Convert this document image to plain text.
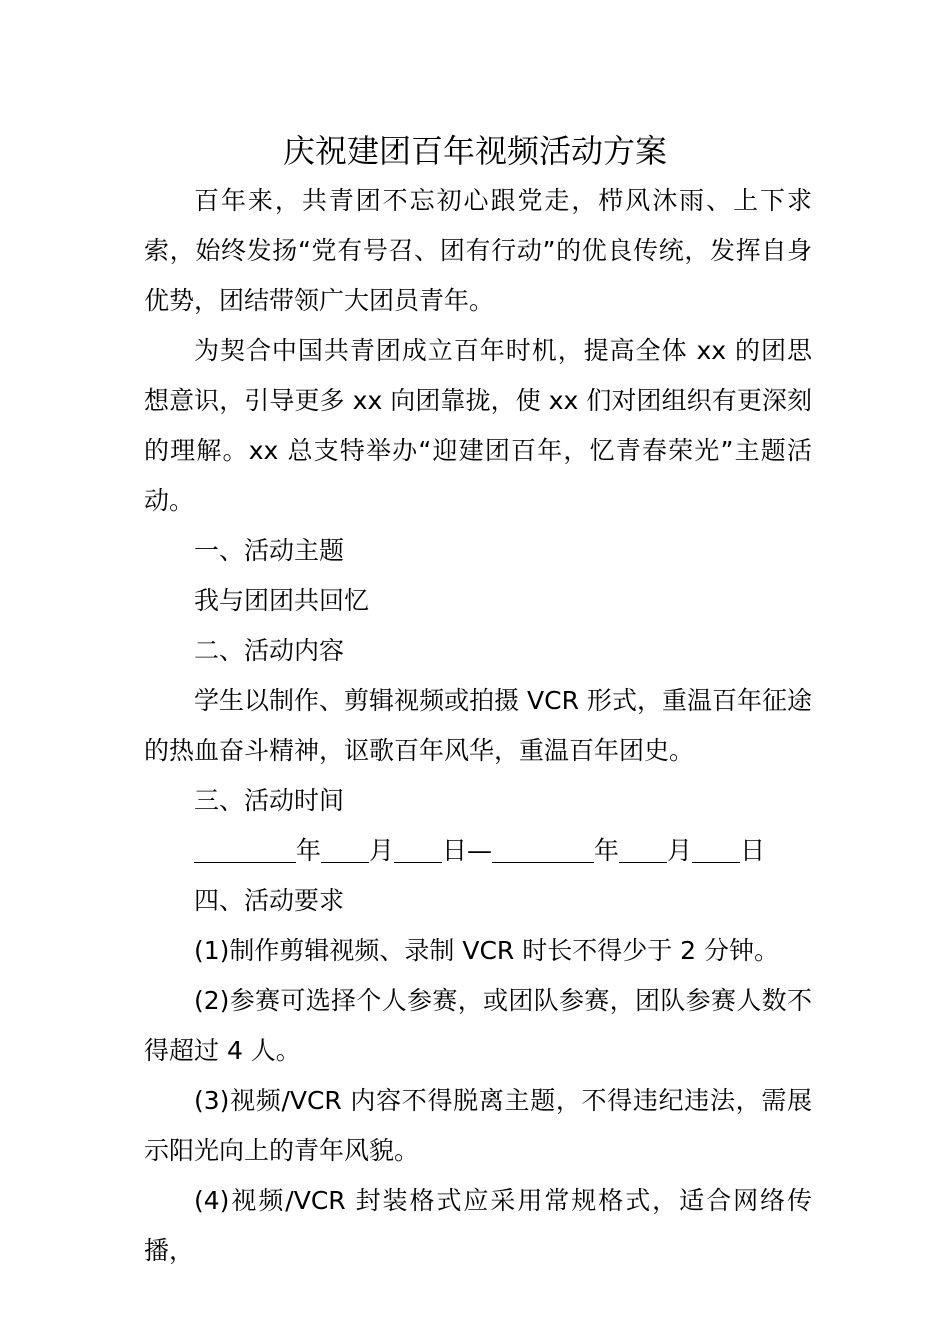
庆祝建团百年视频活动方案

百年来，共青团不忘初心跟党走，栉风沐雨、上下求索，始终发扬“党有号召、团有行动”的优良传统，发挥自身优势，团结带领广大团员青年。

为契合中国共青团成立百年时机，提高全体 xx 的团思想意识，引导更多 xx 向团靠拢，使 xx 们对团组织有更深刻的理解。xx 总支特举办“迎建团百年，忆青春荣光”主题活动。

一、活动主题

我与团团共回忆

二、活动内容

学生以制作、剪辑视频或拍摄 VCR 形式，重温百年征途的热血奋斗精神，讴歌百年风华，重温百年团史。

三、活动时间

年 月 日—	年 月 日

四、活动要求

(1)制作剪辑视频、录制 VCR 时长不得少于 2 分钟。

(2)参赛可选择个人参赛，或团队参赛，团队参赛人数不得超过 4 人。

(3)视频/VCR 内容不得脱离主题，不得违纪违法，需展示阳光向上的青年风貌。

(4)视频/VCR 封装格式应采用常规格式，适合网络传播，
